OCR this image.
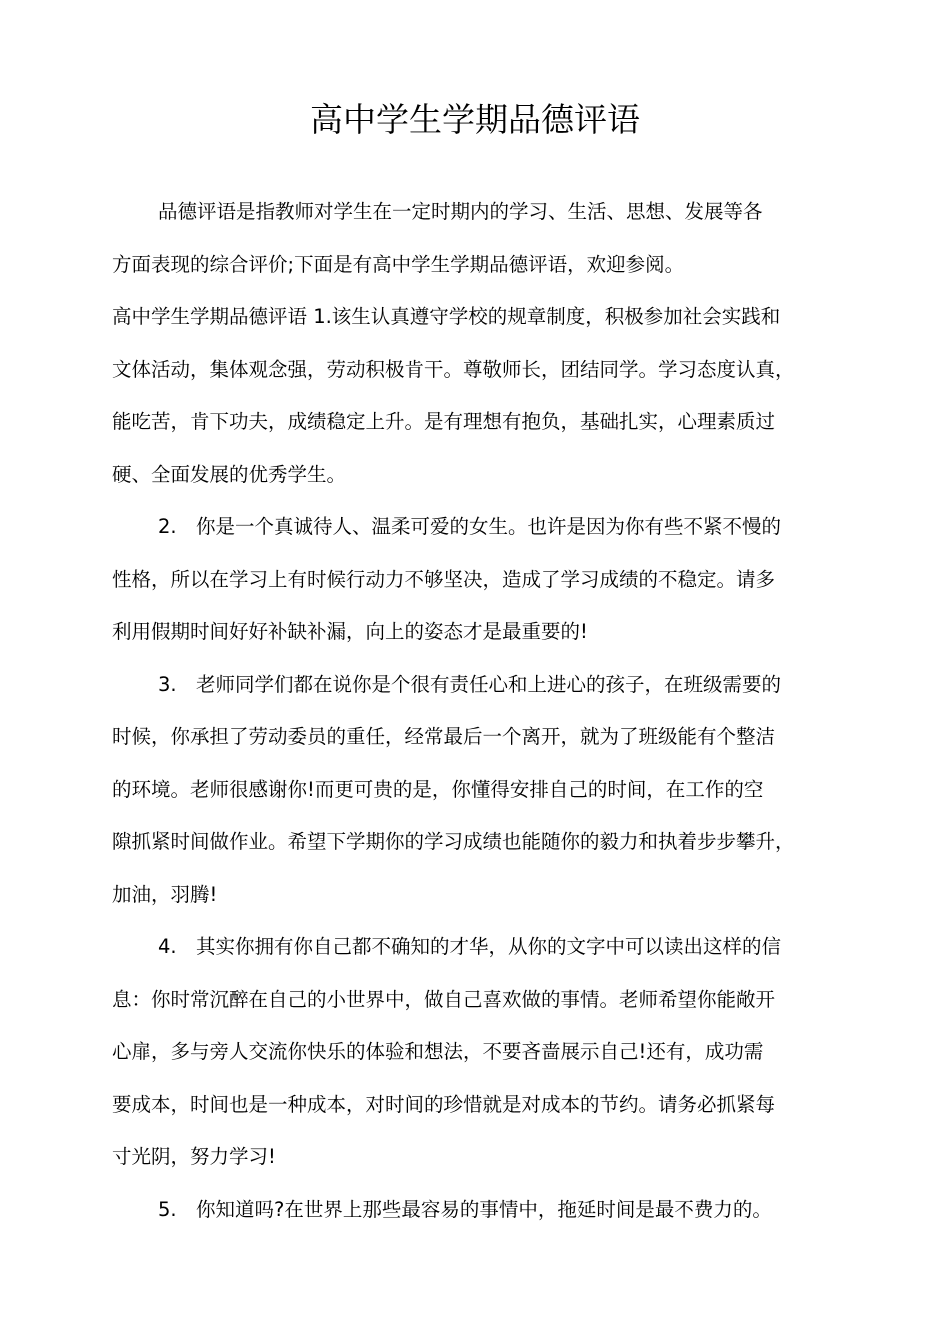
高中学生学期品德评语
品德评语是指教师对学生在一定时期内的学习、生活、思想、发展等各
方面表现的综合评价;下面是有高中学生学期品德评语，欢迎参阅。
高中学生学期品德评语 1.该生认真遵守学校的规章制度，积极参加社会实践和
文体活动，集体观念强，劳动积极肯干。尊敬师长，团结同学。学习态度认真，
能吃苦，肯下功夫，成绩稳定上升。是有理想有抱负，基础扎实，心理素质过
硬、全面发展的优秀学生。
2. 你是一个真诚待人、温柔可爱的女生。也许是因为你有些不紧不慢的
性格，所以在学习上有时候行动力不够坚决，造成了学习成绩的不稳定。请多
利用假期时间好好补缺补漏，向上的姿态才是最重要的!
3. 老师同学们都在说你是个很有责任心和上进心的孩子，在班级需要的
时候，你承担了劳动委员的重任，经常最后一个离开，就为了班级能有个整洁
的环境。老师很感谢你!而更可贵的是，你懂得安排自己的时间，在工作的空
隙抓紧时间做作业。希望下学期你的学习成绩也能随你的毅力和执着步步攀升，
加油，羽腾!
4. 其实你拥有你自己都不确知的才华，从你的文字中可以读出这样的信
息：你时常沉醉在自己的小世界中，做自己喜欢做的事情。老师希望你能敞开
心扉，多与旁人交流你快乐的体验和想法，不要吝啬展示自己!还有，成功需
要成本，时间也是一种成本，对时间的珍惜就是对成本的节约。请务必抓紧每
寸光阴，努力学习!
5. 你知道吗?在世界上那些最容易的事情中，拖延时间是最不费力的。
